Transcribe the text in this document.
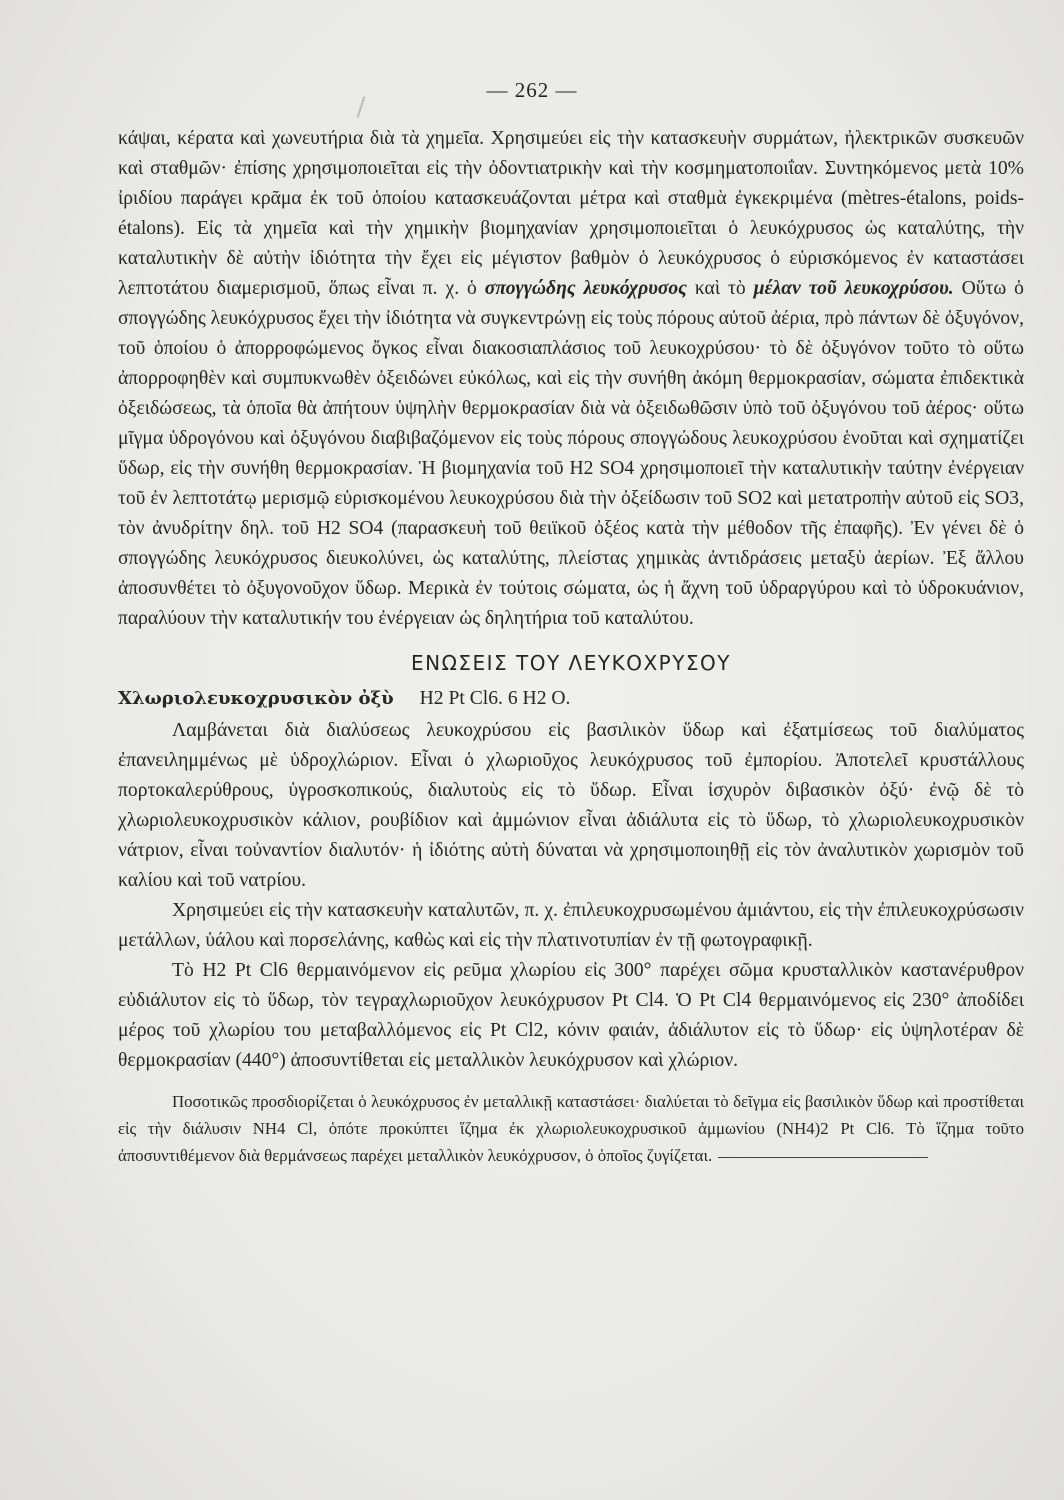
— 262 —

κάψαι, κέρατα καὶ χωνευτήρια διὰ τὰ χημεῖα. Χρησιμεύει εἰς τὴν κατασκευὴν συρμάτων, ἠλεκτρικῶν συσκευῶν καὶ σταθμῶν· ἐπίσης χρησιμοποιεῖται εἰς τὴν ὀδοντιατρικὴν καὶ τὴν κοσμηματοποιΐαν. Συντηκόμενος μετὰ 10% ἰριδίου παράγει κρᾶμα ἐκ τοῦ ὁποίου κατασκευάζονται μέτρα καὶ σταθμὰ ἐγκεκριμένα (mètres-étalons, poids-étalons). Εἰς τὰ χημεῖα καὶ τὴν χημικὴν βιομηχανίαν χρησιμοποιεῖται ὁ λευκόχρυσος ὡς καταλύτης, τὴν καταλυτικὴν δὲ αὐτὴν ἰδιότητα τὴν ἔχει εἰς μέγιστον βαθμὸν ὁ λευκόχρυσος ὁ εὑρισκόμενος ἐν καταστάσει λεπτοτάτου διαμερισμοῦ, ὅπως εἶναι π. χ. ὁ σπογγώδης λευκόχρυσος καὶ τὸ μέλαν τοῦ λευκοχρύσου. Οὕτω ὁ σπογγώδης λευκόχρυσος ἔχει τὴν ἰδιότητα νὰ συγκεντρώνῃ εἰς τοὺς πόρους αὐτοῦ ἀέρια, πρὸ πάντων δὲ ὀξυγόνον, τοῦ ὁποίου ὁ ἀπορροφώμενος ὄγκος εἶναι διακοσιαπλάσιος τοῦ λευκοχρύσου· τὸ δὲ ὀξυγόνον τοῦτο τὸ οὕτω ἀπορροφηθὲν καὶ συμπυκνωθὲν ὀξειδώνει εὐκόλως, καὶ εἰς τὴν συνήθη ἀκόμη θερμοκρασίαν, σώματα ἐπιδεκτικὰ ὀξειδώσεως, τὰ ὁποῖα θὰ ἀπήτουν ὑψηλὴν θερμοκρασίαν διὰ νὰ ὀξειδωθῶσιν ὑπὸ τοῦ ὀξυγόνου τοῦ ἀέρος· οὕτω μῖγμα ὑδρογόνου καὶ ὀξυγόνου διαβιβαζόμενον εἰς τοὺς πόρους σπογγώδους λευκοχρύσου ἑνοῦται καὶ σχηματίζει ὕδωρ, εἰς τὴν συνήθη θερμοκρασίαν. Ἡ βιομηχανία τοῦ H2 SO4 χρησιμοποιεῖ τὴν καταλυτικὴν ταύτην ἐνέργειαν τοῦ ἐν λεπτοτάτῳ μερισμῷ εὑρισκομένου λευκοχρύσου διὰ τὴν ὀξείδωσιν τοῦ SO2 καὶ μετατροπὴν αὐτοῦ εἰς SO3, τὸν ἀνυδρίτην δηλ. τοῦ H2 SO4 (παρασκευὴ τοῦ θειϊκοῦ ὀξέος κατὰ τὴν μέθοδον τῆς ἐπαφῆς). Ἐν γένει δὲ ὁ σπογγώδης λευκόχρυσος διευκολύνει, ὡς καταλύτης, πλείστας χημικὰς ἀντιδράσεις μεταξὺ ἀερίων. Ἐξ ἄλλου ἀποσυνθέτει τὸ ὀξυγονοῦχον ὕδωρ. Μερικὰ ἐν τούτοις σώματα, ὡς ἡ ἄχνη τοῦ ὑδραργύρου καὶ τὸ ὑδροκυάνιον, παραλύουν τὴν καταλυτικήν του ἐνέργειαν ὡς δηλητήρια τοῦ καταλύτου.

ΕΝΩΣΕΙΣ ΤΟΥ ΛΕΥΚΟΧΡΥΣΟΥ

Χλωριολευκοχρυσικὸν ὀξὺ H2 Pt Cl6. 6 H2 O.

Λαμβάνεται διὰ διαλύσεως λευκοχρύσου εἰς βασιλικὸν ὕδωρ καὶ ἐξατμίσεως τοῦ διαλύματος ἐπανειλημμένως μὲ ὑδροχλώριον. Εἶναι ὁ χλωριοῦχος λευκόχρυσος τοῦ ἐμπορίου. Ἀποτελεῖ κρυστάλλους πορτοκαλερύθρους, ὑγροσκοπικούς, διαλυτοὺς εἰς τὸ ὕδωρ. Εἶναι ἰσχυρὸν διβασικὸν ὀξύ· ἐνῷ δὲ τὸ χλωριολευκοχρυσικὸν κάλιον, ρουβίδιον καὶ ἀμμώνιον εἶναι ἀδιάλυτα εἰς τὸ ὕδωρ, τὸ χλωριολευκοχρυσικὸν νάτριον, εἶναι τοὐναντίον διαλυτόν· ἡ ἰδιότης αὐτὴ δύναται νὰ χρησιμοποιηθῇ εἰς τὸν ἀναλυτικὸν χωρισμὸν τοῦ καλίου καὶ τοῦ νατρίου.

Χρησιμεύει εἰς τὴν κατασκευὴν καταλυτῶν, π. χ. ἐπιλευκοχρυσωμένου ἀμιάντου, εἰς τὴν ἐπιλευκοχρύσωσιν μετάλλων, ὑάλου καὶ πορσελάνης, καθὼς καὶ εἰς τὴν πλατινοτυπίαν ἐν τῇ φωτογραφικῇ.

Τὸ H2 Pt Cl6 θερμαινόμενον εἰς ρεῦμα χλωρίου εἰς 300° παρέχει σῶμα κρυσταλλικὸν καστανέρυθρον εὐδιάλυτον εἰς τὸ ὕδωρ, τὸν τεγραχλωριοῦχον λευκόχρυσον Pt Cl4. Ὁ Pt Cl4 θερμαινόμενος εἰς 230° ἀποδίδει μέρος τοῦ χλωρίου του μεταβαλλόμενος εἰς Pt Cl2, κόνιν φαιάν, ἀδιάλυτον εἰς τὸ ὕδωρ· εἰς ὑψηλοτέραν δὲ θερμοκρασίαν (440°) ἀποσυντίθεται εἰς μεταλλικὸν λευκόχρυσον καὶ χλώριον.

Ποσοτικῶς προσδιορίζεται ὁ λευκόχρυσος ἐν μεταλλικῇ καταστάσει· διαλύεται τὸ δεῖγμα εἰς βασιλικὸν ὕδωρ καὶ προστίθεται εἰς τὴν διάλυσιν NH4 Cl, ὁπότε προκύπτει ἵζημα ἐκ χλωριολευκοχρυσικοῦ ἀμμωνίου (NH4)2 Pt Cl6. Τὸ ἵζημα τοῦτο ἀποσυντιθέμενον διὰ θερμάνσεως παρέχει μεταλλικὸν λευκόχρυσον, ὁ ὁποῖος ζυγίζεται.
